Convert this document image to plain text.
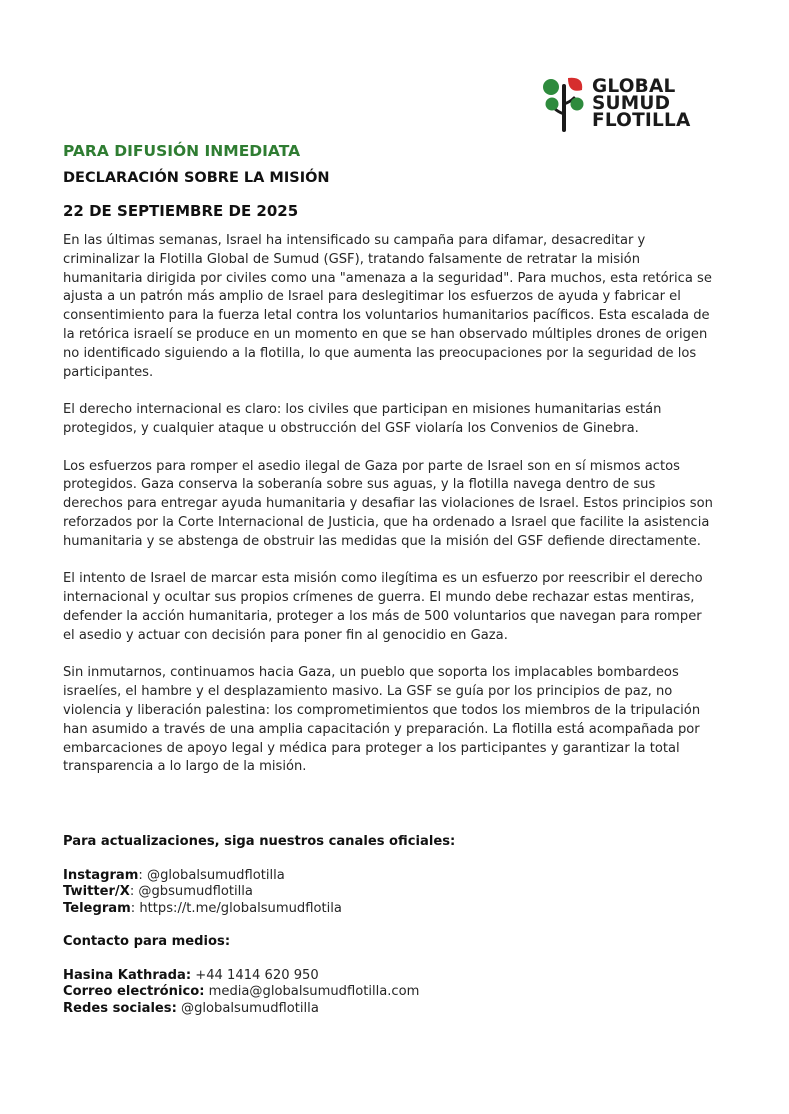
GLOBAL
SUMUD
FLOTILLA
PARA DIFUSIÓN INMEDIATA
DECLARACIÓN SOBRE LA MISIÓN
22 DE SEPTIEMBRE DE 2025

En las últimas semanas, Israel ha intensificado su campaña para difamar, desacreditar y criminalizar la Flotilla Global de Sumud (GSF), tratando falsamente de retratar la misión humanitaria dirigida por civiles como una "amenaza a la seguridad". Para muchos, esta retórica se ajusta a un patrón más amplio de Israel para deslegitimar los esfuerzos de ayuda y fabricar el consentimiento para la fuerza letal contra los voluntarios humanitarios pacíficos. Esta escalada de la retórica israelí se produce en un momento en que se han observado múltiples drones de origen no identificado siguiendo a la flotilla, lo que aumenta las preocupaciones por la seguridad de los participantes.

El derecho internacional es claro: los civiles que participan en misiones humanitarias están protegidos, y cualquier ataque u obstrucción del GSF violaría los Convenios de Ginebra.

Los esfuerzos para romper el asedio ilegal de Gaza por parte de Israel son en sí mismos actos protegidos. Gaza conserva la soberanía sobre sus aguas, y la flotilla navega dentro de sus derechos para entregar ayuda humanitaria y desafiar las violaciones de Israel. Estos principios son reforzados por la Corte Internacional de Justicia, que ha ordenado a Israel que facilite la asistencia humanitaria y se abstenga de obstruir las medidas que la misión del GSF defiende directamente.

El intento de Israel de marcar esta misión como ilegítima es un esfuerzo por reescribir el derecho internacional y ocultar sus propios crímenes de guerra. El mundo debe rechazar estas mentiras, defender la acción humanitaria, proteger a los más de 500 voluntarios que navegan para romper el asedio y actuar con decisión para poner fin al genocidio en Gaza.

Sin inmutarnos, continuamos hacia Gaza, un pueblo que soporta los implacables bombardeos israelíes, el hambre y el desplazamiento masivo. La GSF se guía por los principios de paz, no violencia y liberación palestina: los comprometimientos que todos los miembros de la tripulación han asumido a través de una amplia capacitación y preparación. La flotilla está acompañada por embarcaciones de apoyo legal y médica para proteger a los participantes y garantizar la total transparencia a lo largo de la misión.

Para actualizaciones, siga nuestros canales oficiales:

Instagram: @globalsumudflotilla

Twitter/X: @gbsumudflotilla

Telegram: https://t.me/globalsumudflotila

Contacto para medios:

Hasina Kathrada: +44 1414 620 950

Correo electrónico: media@globalsumudflotilla.com

Redes sociales: @globalsumudflotilla
